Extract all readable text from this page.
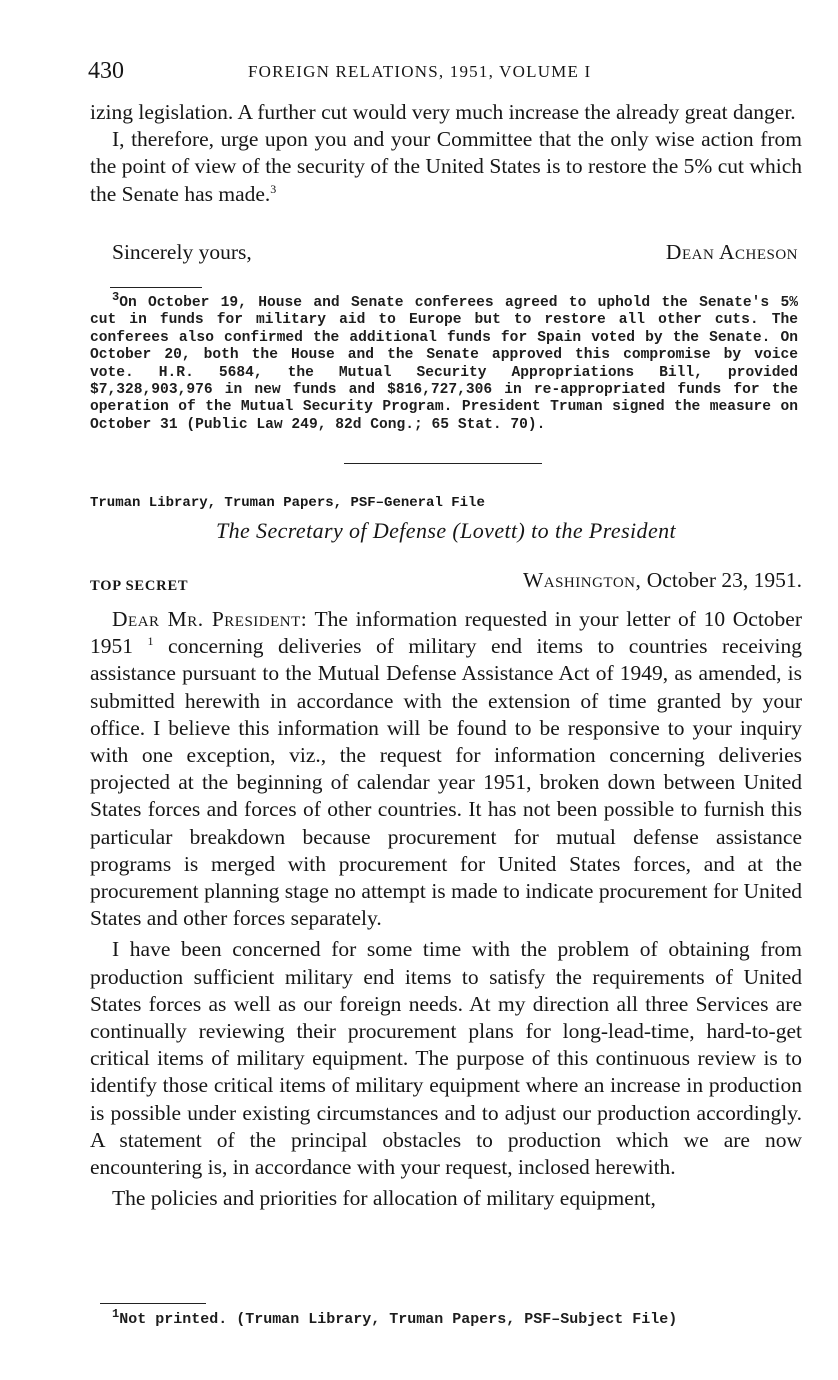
430	FOREIGN RELATIONS, 1951, VOLUME I

izing legislation. A further cut would very much increase the already great danger.

I, therefore, urge upon you and your Committee that the only wise action from the point of view of the security of the United States is to restore the 5% cut which the Senate has made.$^3$

Sincerely yours,	Dean Acheson

$^3$On October 19, House and Senate conferees agreed to uphold the Senate's 5% cut in funds for military aid to Europe but to restore all other cuts. The conferees also confirmed the additional funds for Spain voted by the Senate. On October 20, both the House and the Senate approved this compromise by voice vote. H.R. 5684, the Mutual Security Appropriations Bill, provided $7,328,903,976 in new funds and $816,727,306 in re-appropriated funds for the operation of the Mutual Security Program. President Truman signed the measure on October 31 (Public Law 249, 82d Cong.; 65 Stat. 70).

Truman Library, Truman Papers, PSF–General File
The Secretary of Defense (Lovett) to the President
TOP SECRET	Washington, October 23, 1951.

Dear Mr. President: The information requested in your letter of 10 October 1951 $^1$ concerning deliveries of military end items to countries receiving assistance pursuant to the Mutual Defense Assistance Act of 1949, as amended, is submitted herewith in accordance with the extension of time granted by your office. I believe this information will be found to be responsive to your inquiry with one exception, viz., the request for information concerning deliveries projected at the beginning of calendar year 1951, broken down between United States forces and forces of other countries. It has not been possible to furnish this particular breakdown because procurement for mutual defense assistance programs is merged with procurement for United States forces, and at the procurement planning stage no attempt is made to indicate procurement for United States and other forces separately.

I have been concerned for some time with the problem of obtaining from production sufficient military end items to satisfy the requirements of United States forces as well as our foreign needs. At my direction all three Services are continually reviewing their procurement plans for long-lead-time, hard-to-get critical items of military equipment. The purpose of this continuous review is to identify those critical items of military equipment where an increase in production is possible under existing circumstances and to adjust our production accordingly. A statement of the principal obstacles to production which we are now encountering is, in accordance with your request, inclosed herewith.

The policies and priorities for allocation of military equipment,

$^1$Not printed. (Truman Library, Truman Papers, PSF–Subject File)
